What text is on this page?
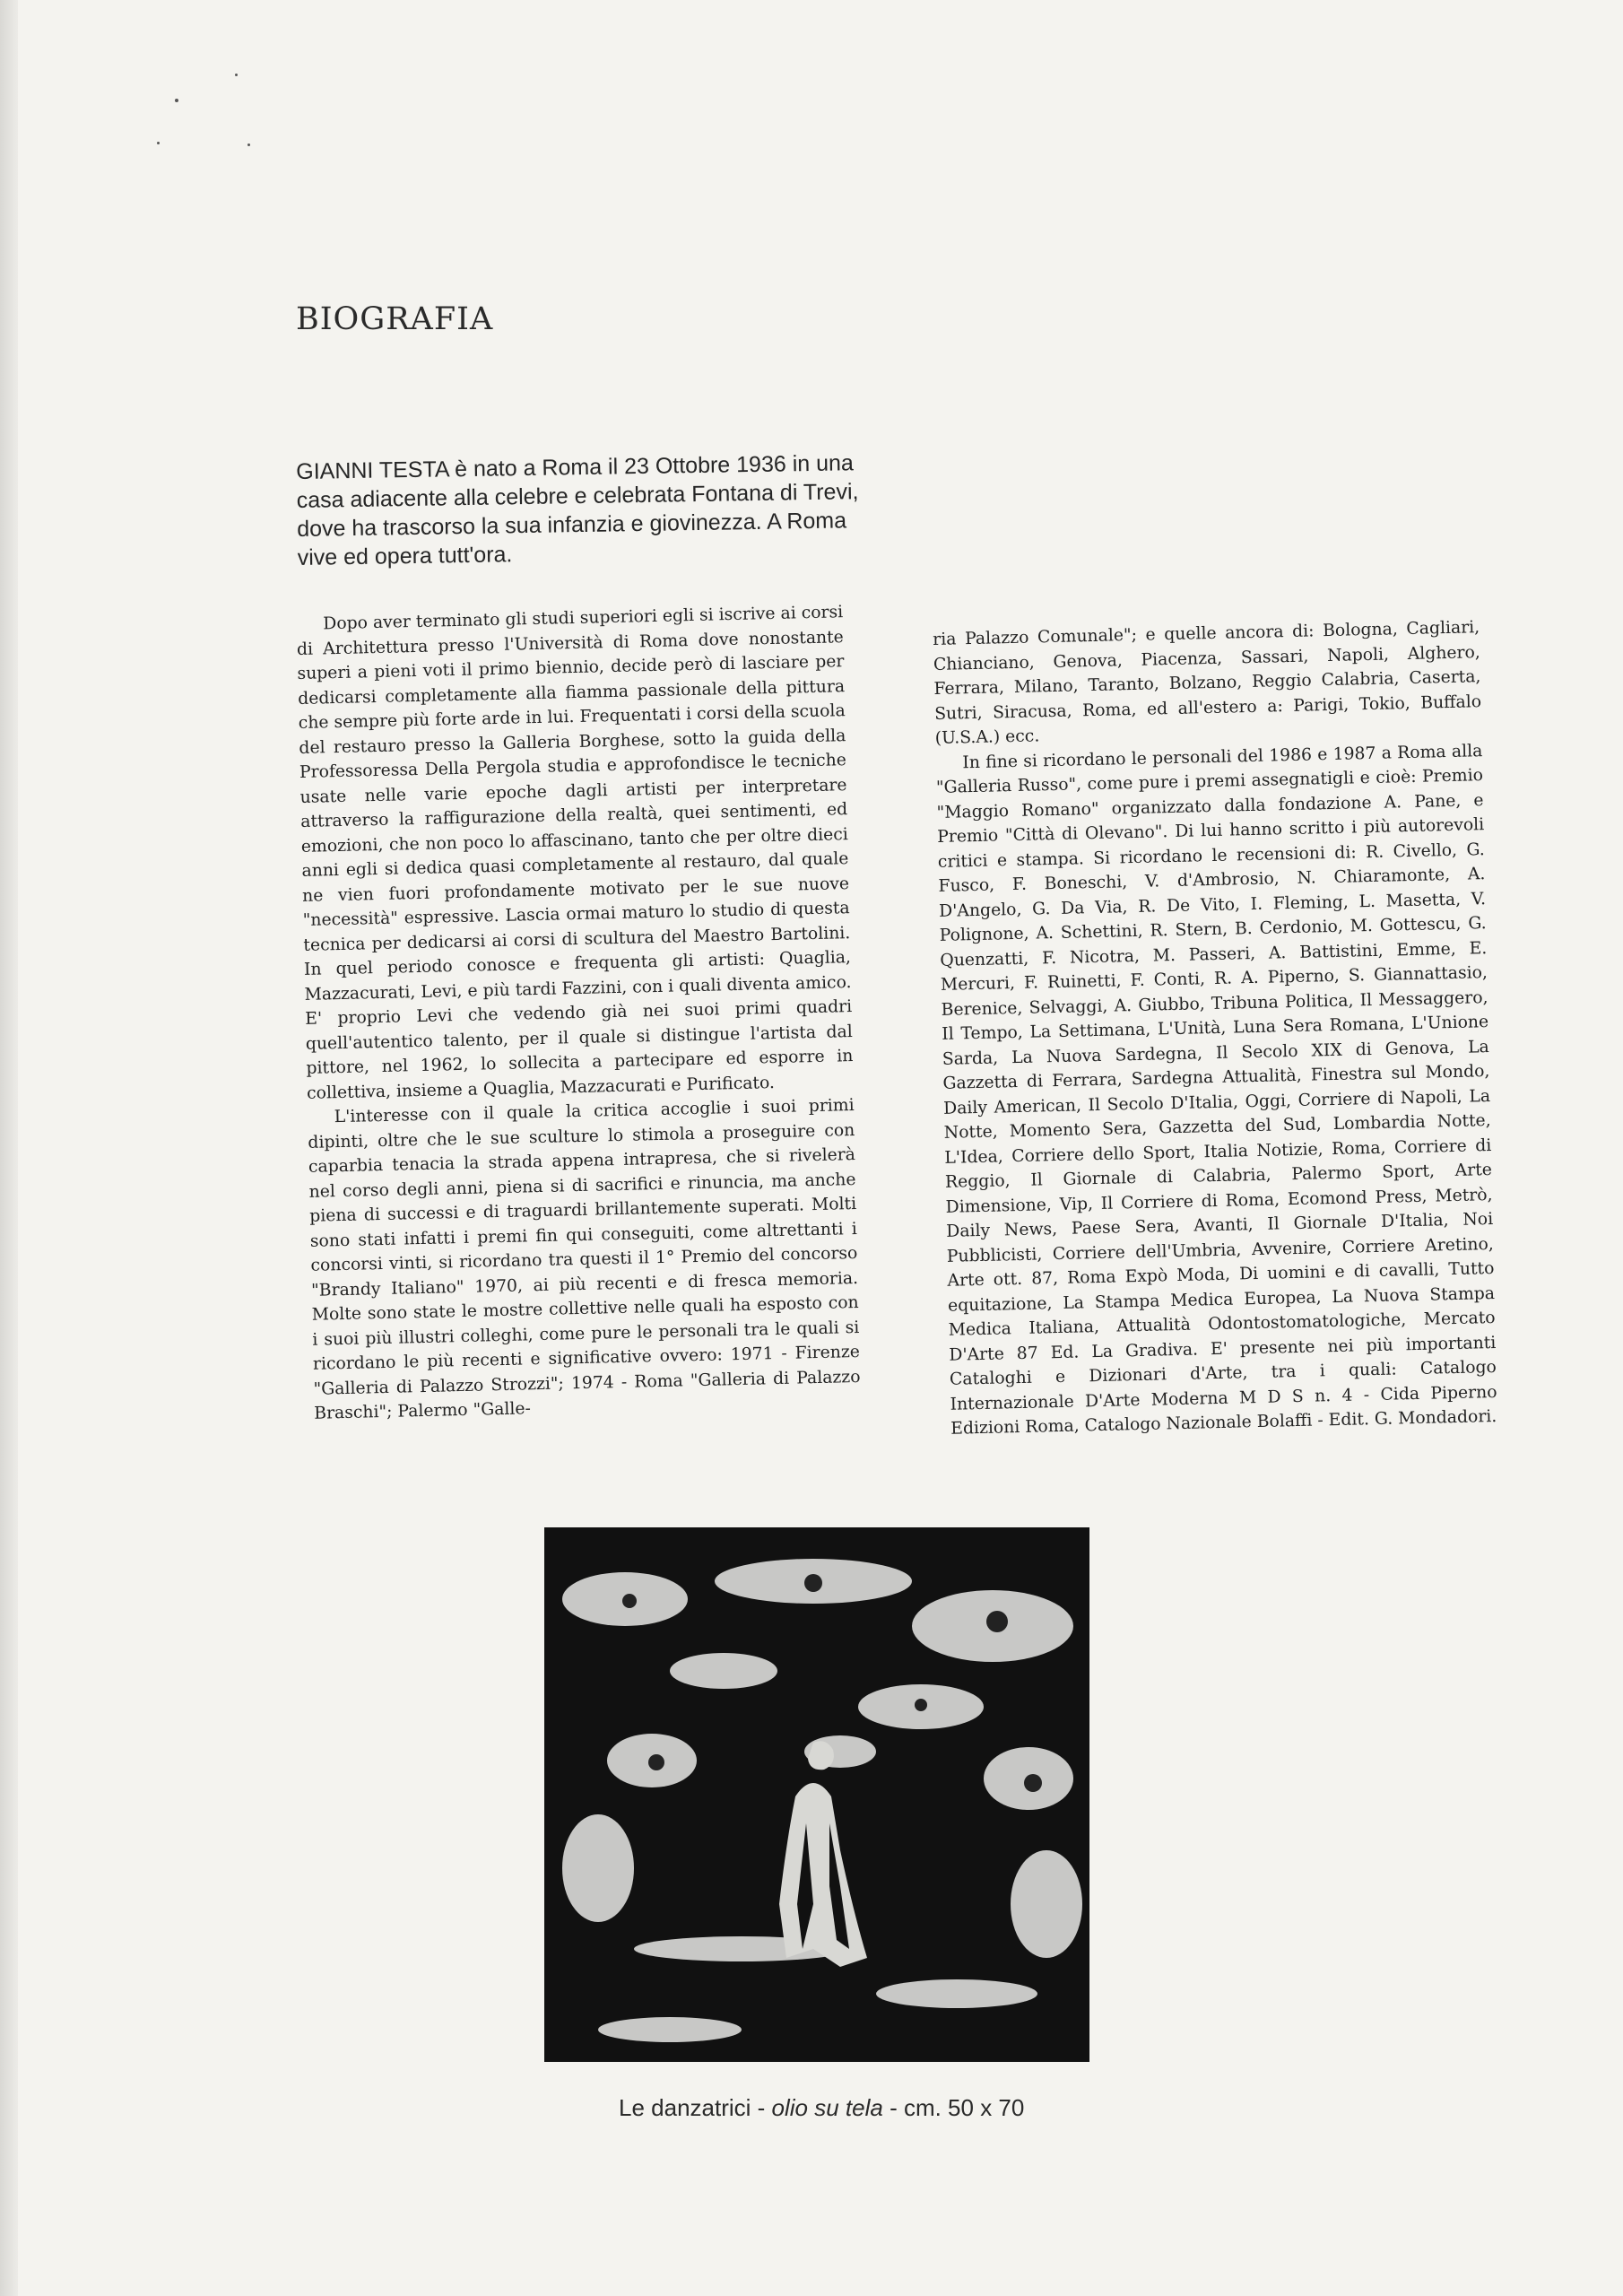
BIOGRAFIA
GIANNI TESTA è nato a Roma il 23 Ottobre 1936 in una casa adiacente alla celebre e celebrata Fontana di Trevi, dove ha trascorso la sua infanzia e giovinezza. A Roma vive ed opera tutt'ora.

Dopo aver terminato gli studi superiori egli si iscrive ai corsi di Architettura presso l'Università di Roma dove nonostante superi a pieni voti il primo biennio, decide però di lasciare per dedicarsi completamente alla fiamma passionale della pittura che sempre più forte arde in lui. Frequentati i corsi della scuola del restauro presso la Galleria Borghese, sotto la guida della Professoressa Della Pergola studia e approfondisce le tecniche usate nelle varie epoche dagli artisti per interpretare attraverso la raffigurazione della realtà, quei sentimenti, ed emozioni, che non poco lo affascinano, tanto che per oltre dieci anni egli si dedica quasi completamente al restauro, dal quale ne vien fuori profondamente motivato per le sue nuove "necessità" espressive. Lascia ormai maturo lo studio di questa tecnica per dedicarsi ai corsi di scultura del Maestro Bartolini. In quel periodo conosce e frequenta gli artisti: Quaglia, Mazzacurati, Levi, e più tardi Fazzini, con i quali diventa amico. E' proprio Levi che vedendo già nei suoi primi quadri quell'autentico talento, per il quale si distingue l'artista dal pittore, nel 1962, lo sollecita a partecipare ed esporre in collettiva, insieme a Quaglia, Mazzacurati e Purificato.

L'interesse con il quale la critica accoglie i suoi primi dipinti, oltre che le sue sculture lo stimola a proseguire con caparbia tenacia la strada appena intrapresa, che si rivelerà nel corso degli anni, piena si di sacrifici e rinuncia, ma anche piena di successi e di traguardi brillantemente superati. Molti sono stati infatti i premi fin qui conseguiti, come altrettanti i concorsi vinti, si ricordano tra questi il 1° Premio del concorso "Brandy Italiano" 1970, ai più recenti e di fresca memoria. Molte sono state le mostre collettive nelle quali ha esposto con i suoi più illustri colleghi, come pure le personali tra le quali si ricordano le più recenti e significative ovvero: 1971 - Firenze "Galleria di Palazzo Strozzi"; 1974 - Roma "Galleria di Palazzo Braschi"; Palermo "Galle-

ria Palazzo Comunale"; e quelle ancora di: Bologna, Cagliari, Chianciano, Genova, Piacenza, Sassari, Napoli, Alghero, Ferrara, Milano, Taranto, Bolzano, Reggio Calabria, Caserta, Sutri, Siracusa, Roma, ed all'estero a: Parigi, Tokio, Buffalo (U.S.A.) ecc.

In fine si ricordano le personali del 1986 e 1987 a Roma alla "Galleria Russo", come pure i premi assegnatigli e cioè: Premio "Maggio Romano" organizzato dalla fondazione A. Pane, e Premio "Città di Olevano". Di lui hanno scritto i più autorevoli critici e stampa. Si ricordano le recensioni di: R. Civello, G. Fusco, F. Boneschi, V. d'Ambrosio, N. Chiaramonte, A. D'Angelo, G. Da Via, R. De Vito, I. Fleming, L. Masetta, V. Polignone, A. Schettini, R. Stern, B. Cerdonio, M. Gottescu, G. Quenzatti, F. Nicotra, M. Passeri, A. Battistini, Emme, E. Mercuri, F. Ruinetti, F. Conti, R. A. Piperno, S. Giannattasio, Berenice, Selvaggi, A. Giubbo, Tribuna Politica, Il Messaggero, Il Tempo, La Settimana, L'Unità, Luna Sera Romana, L'Unione Sarda, La Nuova Sardegna, Il Secolo XIX di Genova, La Gazzetta di Ferrara, Sardegna Attualità, Finestra sul Mondo, Daily American, Il Secolo D'Italia, Oggi, Corriere di Napoli, La Notte, Momento Sera, Gazzetta del Sud, Lombardia Notte, L'Idea, Corriere dello Sport, Italia Notizie, Roma, Corriere di Reggio, Il Giornale di Calabria, Palermo Sport, Arte Dimensione, Vip, Il Corriere di Roma, Ecomond Press, Metrò, Daily News, Paese Sera, Avanti, Il Giornale D'Italia, Noi Pubblicisti, Corriere dell'Umbria, Avvenire, Corriere Aretino, Arte ott. 87, Roma Expò Moda, Di uomini e di cavalli, Tutto equitazione, La Stampa Medica Europea, La Nuova Stampa Medica Italiana, Attualità Odontostomatologiche, Mercato D'Arte 87 Ed. La Gradiva. E' presente nei più importanti Cataloghi e Dizionari d'Arte, tra i quali: Catalogo Internazionale D'Arte Moderna M D S n. 4 - Cida Piperno Edizioni Roma, Catalogo Nazionale Bolaffi - Edit. G. Mondadori.

Le danzatrici - olio su tela - cm. 50 x 70
